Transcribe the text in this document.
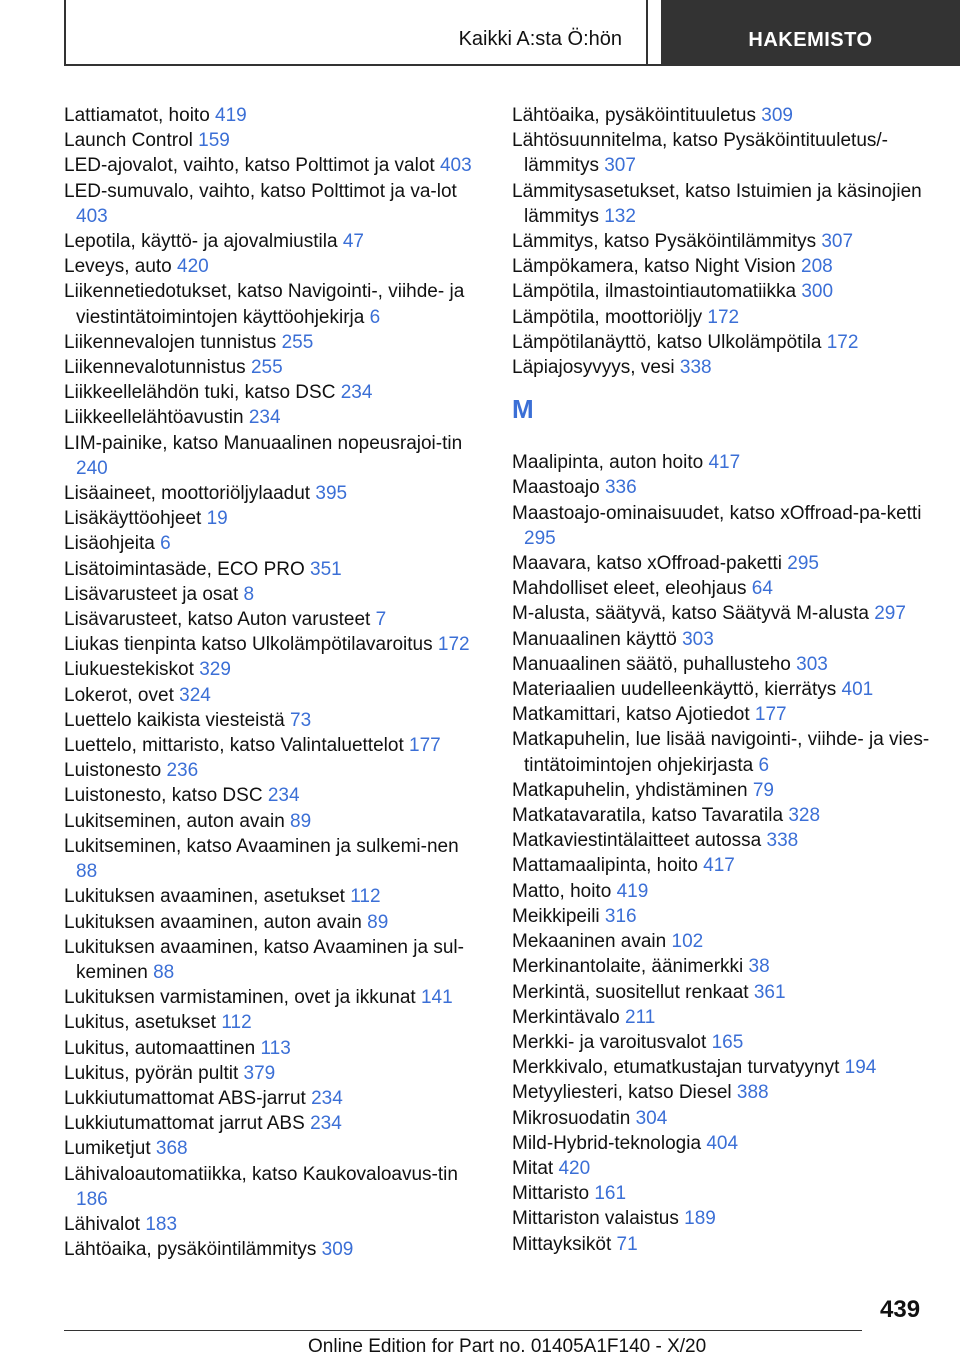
Kaikki A:sta Ö:hön	HAKEMISTO
Lattiamatot, hoito 419
Launch Control 159
LED-ajovalot, vaihto, katso Polttimot ja valot 403
LED-sumuvalo, vaihto, katso Polttimot ja va-lot 403
Lepotila, käyttö- ja ajovalmiustila 47
Leveys, auto 420
Liikennetiedotukset, katso Navigointi-, viihde- ja viestintätoimintojen käyttöohjekirja 6
Liikennevalojen tunnistus 255
Liikennevalotunnistus 255
Liikkeellelähdön tuki, katso DSC 234
Liikkeellelähtöavustin 234
LIM-painike, katso Manuaalinen nopeusrajoi-tin 240
Lisäaineet, moottoriöljylaadut 395
Lisäkäyttöohjeet 19
Lisäohjeita 6
Lisätoimintasäde, ECO PRO 351
Lisävarusteet ja osat 8
Lisävarusteet, katso Auton varusteet 7
Liukas tienpinta katso Ulkolämpötilavaroitus 172
Liukuestekiskot 329
Lokerot, ovet 324
Luettelo kaikista viesteistä 73
Luettelo, mittaristo, katso Valintaluettelot 177
Luistonesto 236
Luistonesto, katso DSC 234
Lukitseminen, auton avain 89
Lukitseminen, katso Avaaminen ja sulkemi-nen 88
Lukituksen avaaminen, asetukset 112
Lukituksen avaaminen, auton avain 89
Lukituksen avaaminen, katso Avaaminen ja sul-keminen 88
Lukituksen varmistaminen, ovet ja ikkunat 141
Lukitus, asetukset 112
Lukitus, automaattinen 113
Lukitus, pyörän pultit 379
Lukkiutumattomat ABS-jarrut 234
Lukkiutumattomat jarrut ABS 234
Lumiketjut 368
Lähivaloautomatiikka, katso Kaukovaloavus-tin 186
Lähivalot 183
Lähtöaika, pysäköintilämmitys 309
Lähtöaika, pysäköintituuletus 309
Lähtösuunnitelma, katso Pysäköintituuletus/-lämmitys 307
Lämmitysasetukset, katso Istuimien ja käsinojien lämmitys 132
Lämmitys, katso Pysäköintilämmitys 307
Lämpökamera, katso Night Vision 208
Lämpötila, ilmastointiautomatiikka 300
Lämpötila, moottoriöljy 172
Lämpötilanäyttö, katso Ulkolämpötila 172
Läpiajosyvyys, vesi 338
M
Maalipinta, auton hoito 417
Maastoajo 336
Maastoajo-ominaisuudet, katso xOffroad-pa-ketti 295
Maavara, katso xOffroad-paketti 295
Mahdolliset eleet, eleohjaus 64
M-alusta, säätyvä, katso Säätyvä M-alusta 297
Manuaalinen käyttö 303
Manuaalinen säätö, puhallusteho 303
Materiaalien uudelleenkäyttö, kierrätys 401
Matkamittari, katso Ajotiedot 177
Matkapuhelin, lue lisää navigointi-, viihde- ja vies-tintätoimintojen ohjekirjasta 6
Matkapuhelin, yhdistäminen 79
Matkatavaratila, katso Tavaratila 328
Matkaviestintälaitteet autossa 338
Mattamaalipinta, hoito 417
Matto, hoito 419
Meikkipeili 316
Mekaaninen avain 102
Merkinantolaite, äänimerkki 38
Merkintä, suositellut renkaat 361
Merkintävalo 211
Merkki- ja varoitusvalot 165
Merkkivalo, etumatkustajan turvatyynyt 194
Metyyliesteri, katso Diesel 388
Mikrosuodatin 304
Mild-Hybrid-teknologia 404
Mitat 420
Mittaristo 161
Mittariston valaistus 189
Mittayksiköt 71
439
Online Edition for Part no. 01405A1F140 - X/20
